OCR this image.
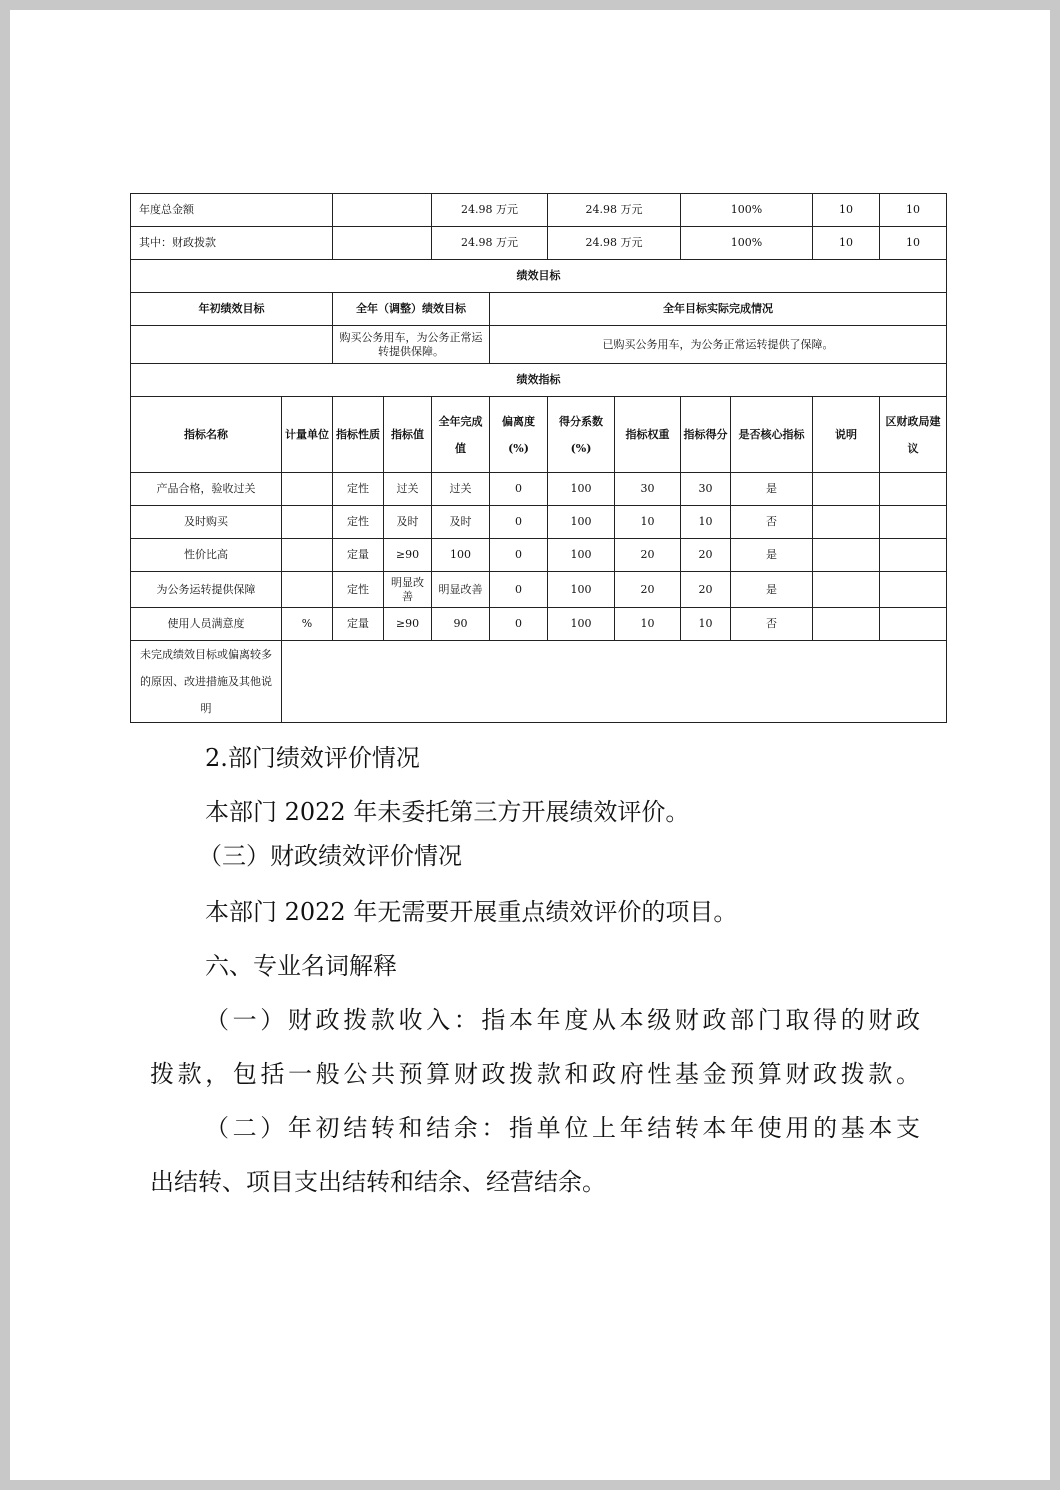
年度总金额				24.98 万元		24.98 万元		100%		10	10
其中：财政拨款				24.98 万元		24.98 万元		100%		10	10
绩效目标											
年初绩效目标		全年（调整）绩效目标			全年目标实际完成情况						
		购买公务用车，为公务正常运转提供保障。			已购买公务用车，为公务正常运转提供了保障。						
绩效指标											
指标名称	计量单位	指标性质	指标值	全年完成值	偏离度(%)	得分系数(%)	指标权重	指标得分	是否核心指标	说明	区财政局建议
产品合格，验收过关		定性	过关	过关	0	100	30	30	是		
及时购买		定性	及时	及时	0	100	10	10	否		
性价比高		定量	≥90	100	0	100	20	20	是		
为公务运转提供保障		定性	明显改善	明显改善	0	100	20	20	是		
使用人员满意度	%	定量	≥90	90	0	100	10	10	否		
未完成绩效目标或偏离较多的原因、改进措施及其他说明											
2.部门绩效评价情况
本部门 2022 年未委托第三方开展绩效评价。
（三）财政绩效评价情况
本部门 2022 年无需要开展重点绩效评价的项目。
六、专业名词解释
（一）财政拨款收入：指本年度从本级财政部门取得的财政
拨款，包括一般公共预算财政拨款和政府性基金预算财政拨款。
（二）年初结转和结余：指单位上年结转本年使用的基本支
出结转、项目支出结转和结余、经营结余。
